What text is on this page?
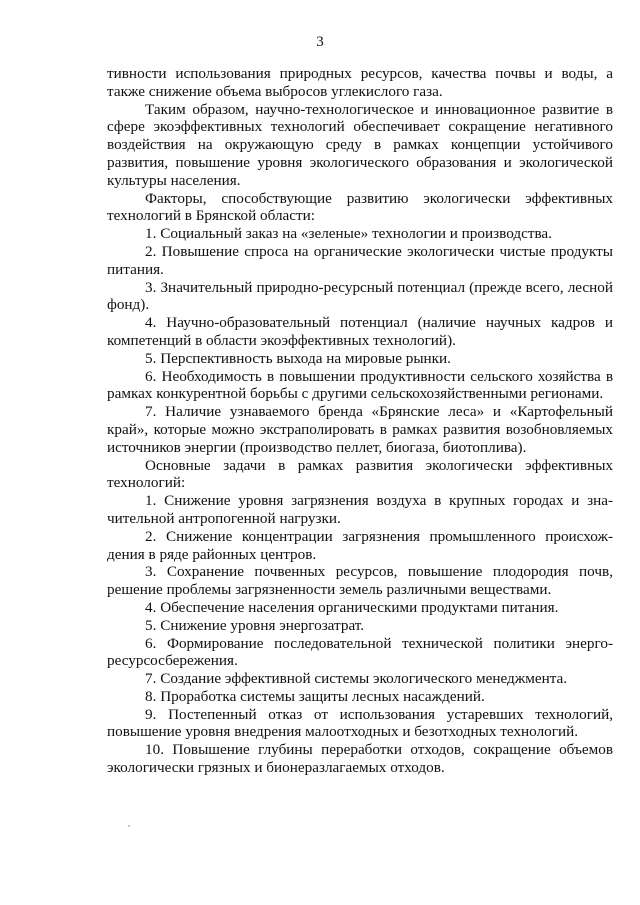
3

тивности использования природных ресурсов, качества почвы и воды, а также снижение объема выбросов углекислого газа.

Таким образом, научно-технологическое и инновационное развитие в сфере экоэффективных технологий обеспечивает сокращение негативного воздействия на окружающую среду в рамках концепции устойчивого развития, повышение уровня экологического образования и экологической культуры населения.

Факторы, способствующие развитию экологически эффективных технологий в Брянской области:

1. Социальный заказ на «зеленые» технологии и производства.
2. Повышение спроса на органические экологически чистые продукты питания.
3. Значительный природно-ресурсный потенциал (прежде всего, лесной фонд).
4. Научно-образовательный потенциал (наличие научных кадров и компетенций в области экоэффективных технологий).
5. Перспективность выхода на мировые рынки.
6. Необходимость в повышении продуктивности сельского хозяйства в рамках конкурентной борьбы с другими сельскохозяйственными регионами.
7. Наличие узнаваемого бренда «Брянские леса» и «Картофельный край», которые можно экстраполировать в рамках развития возобновляемых источников энергии (производство пеллет, биогаза, биотоплива).

Основные задачи в рамках развития экологически эффективных технологий:

1. Снижение уровня загрязнения воздуха в крупных городах и значительной антропогенной нагрузки.
2. Снижение концентрации загрязнения промышленного происхождения в ряде районных центров.
3. Сохранение почвенных ресурсов, повышение плодородия почв, решение проблемы загрязненности земель различными веществами.
4. Обеспечение населения органическими продуктами питания.
5. Снижение уровня энергозатрат.
6. Формирование последовательной технической политики энергоресурсосбережения.
7. Создание эффективной системы экологического менеджмента.
8. Проработка системы защиты лесных насаждений.
9. Постепенный отказ от использования устаревших технологий, повышение уровня внедрения малоотходных и безотходных технологий.
10. Повышение глубины переработки отходов, сокращение объемов экологически грязных и бионеразлагаемых отходов.
